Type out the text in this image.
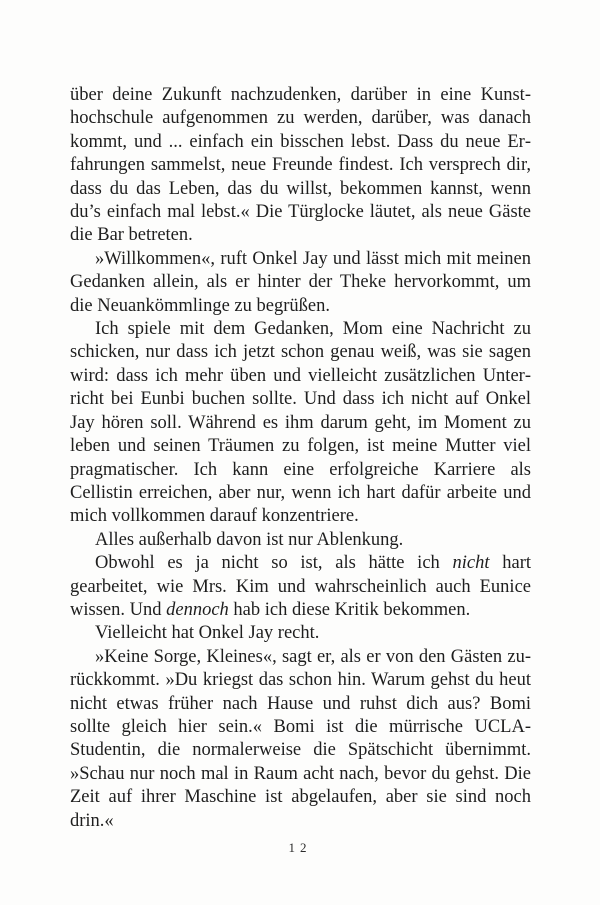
über deine Zukunft nachzudenken, darüber in eine Kunsthochschule aufgenommen zu werden, darüber, was danach kommt, und ... einfach ein bisschen lebst. Dass du neue Erfahrungen sammelst, neue Freunde findest. Ich versprech dir, dass du das Leben, das du willst, bekommen kannst, wenn du’s einfach mal lebst.« Die Türglocke läutet, als neue Gäste die Bar betreten.

»Willkommen«, ruft Onkel Jay und lässt mich mit meinen Gedanken allein, als er hinter der Theke hervorkommt, um die Neuankömmlinge zu begrüßen.

Ich spiele mit dem Gedanken, Mom eine Nachricht zu schicken, nur dass ich jetzt schon genau weiß, was sie sagen wird: dass ich mehr üben und vielleicht zusätzlichen Unterricht bei Eunbi buchen sollte. Und dass ich nicht auf Onkel Jay hören soll. Während es ihm darum geht, im Moment zu leben und seinen Träumen zu folgen, ist meine Mutter viel pragmatischer. Ich kann eine erfolgreiche Karriere als Cellistin erreichen, aber nur, wenn ich hart dafür arbeite und mich vollkommen darauf konzentriere.

Alles außerhalb davon ist nur Ablenkung.

Obwohl es ja nicht so ist, als hätte ich nicht hart gearbeitet, wie Mrs. Kim und wahrscheinlich auch Eunice wissen. Und dennoch hab ich diese Kritik bekommen.

Vielleicht hat Onkel Jay recht.

»Keine Sorge, Kleines«, sagt er, als er von den Gästen zurückkommt. »Du kriegst das schon hin. Warum gehst du heut nicht etwas früher nach Hause und ruhst dich aus? Bomi sollte gleich hier sein.« Bomi ist die mürrische UCLA-Studentin, die normalerweise die Spätschicht übernimmt. »Schau nur noch mal in Raum acht nach, bevor du gehst. Die Zeit auf ihrer Maschine ist abgelaufen, aber sie sind noch drin.«

12
